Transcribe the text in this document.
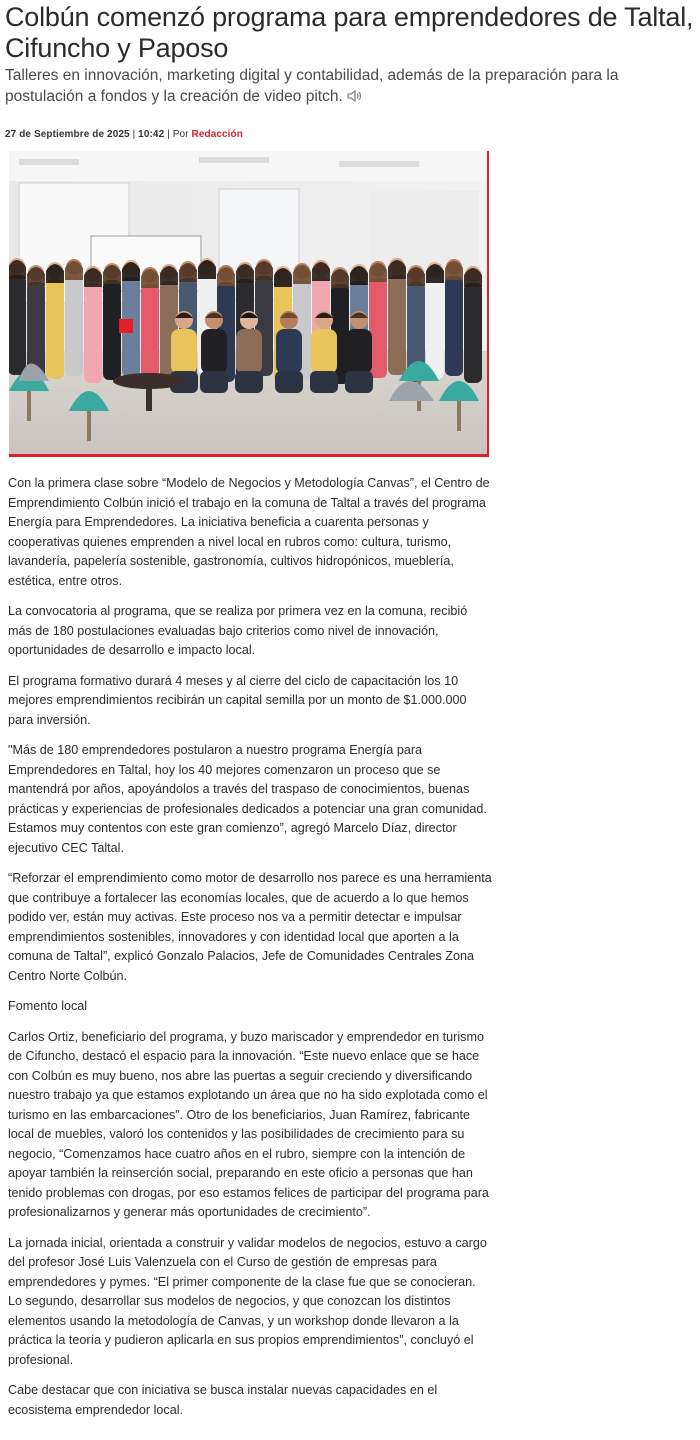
Colbún comenzó programa para emprendedores de Taltal, Cifuncho y Paposo

Talleres en innovación, marketing digital y contabilidad, además de la preparación para la postulación a fondos y la creación de video pitch.

27 de Septiembre de 2025 | 10:42 | Por Redacción

Con la primera clase sobre “Modelo de Negocios y Metodología Canvas”, el Centro de Emprendimiento Colbún inició el trabajo en la comuna de Taltal a través del programa Energía para Emprendedores. La iniciativa beneficia a cuarenta personas y cooperativas quienes emprenden a nivel local en rubros como: cultura, turismo, lavandería, papelería sostenible, gastronomía, cultivos hidropónicos, mueblería, estética, entre otros.

La convocatoria al programa, que se realiza por primera vez en la comuna, recibió más de 180 postulaciones evaluadas bajo criterios como nivel de innovación, oportunidades de desarrollo e impacto local.

El programa formativo durará 4 meses y al cierre del ciclo de capacitación los 10 mejores emprendimientos recibirán un capital semilla por un monto de $1.000.000 para inversión.

"Más de 180 emprendedores postularon a nuestro programa Energía para Emprendedores en Taltal, hoy los 40 mejores comenzaron un proceso que se mantendrá por años, apoyándolos a través del traspaso de conocimientos, buenas prácticas y experiencias de profesionales dedicados a potenciar una gran comunidad. Estamos muy contentos con este gran comienzo”, agregó Marcelo Díaz, director ejecutivo CEC Taltal.

“Reforzar el emprendimiento como motor de desarrollo nos parece es una herramienta que contribuye a fortalecer las economías locales, que de acuerdo a lo que hemos podido ver, están muy activas. Este proceso nos va a permitir detectar e impulsar emprendimientos sostenibles, innovadores y con identidad local que aporten a la comuna de Taltal”, explicó Gonzalo Palacios, Jefe de Comunidades Centrales Zona Centro Norte Colbún.

Fomento local

Carlos Ortiz, beneficiario del programa, y buzo mariscador y emprendedor en turismo de Cifuncho, destacó el espacio para la innovación. “Este nuevo enlace que se hace con Colbún es muy bueno, nos abre las puertas a seguir creciendo y diversificando nuestro trabajo ya que estamos explotando un área que no ha sido explotada como el turismo en las embarcaciones”. Otro de los beneficiarios, Juan Ramírez, fabricante local de muebles, valoró los contenidos y las posibilidades de crecimiento para su negocio, “Comenzamos hace cuatro años en el rubro, siempre con la intención de apoyar también la reinserción social, preparando en este oficio a personas que han tenido problemas con drogas, por eso estamos felices de participar del programa para profesionalizarnos y generar más oportunidades de crecimiento”.

La jornada inicial, orientada a construir y validar modelos de negocios, estuvo a cargo del profesor José Luis Valenzuela con el Curso de gestión de empresas para emprendedores y pymes. “El primer componente de la clase fue que se conocieran. Lo segundo, desarrollar sus modelos de negocios, y que conozcan los distintos elementos usando la metodología de Canvas, y un workshop donde llevaron a la práctica la teoría y pudieron aplicarla en sus propios emprendimientos”, concluyó el profesional.

Cabe destacar que con iniciativa se busca instalar nuevas capacidades en el ecosistema emprendedor local.
